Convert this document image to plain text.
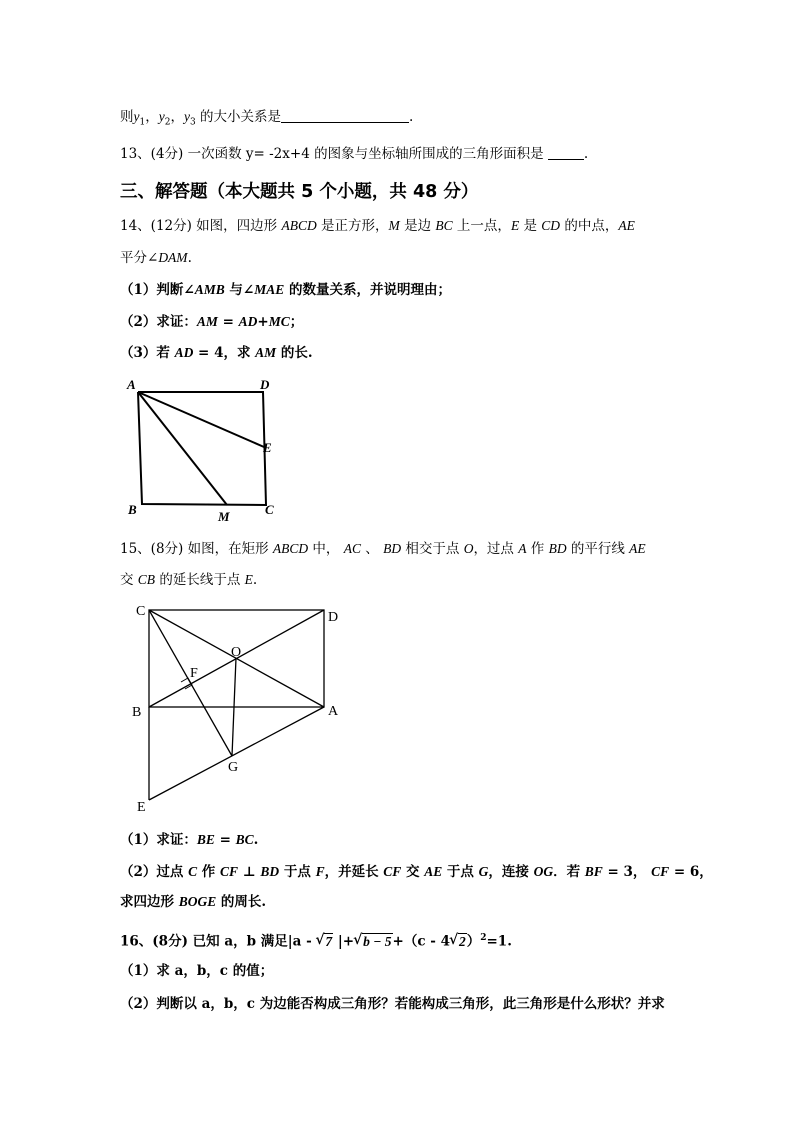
则$y_1$，$y_2$，$y_3$ 的大小关系是	.
13、(4分) 一次函数 y= -2x+4 的图象与坐标轴所围成的三角形面积是	.
三、解答题（本大题共 5 个小题，共 48 分）
14、(12分) 如图，四边形 ABCD 是正方形，M 是边 BC 上一点，E 是 CD 的中点，AE
平分∠DAM.
（1）判断∠AMB 与∠MAE 的数量关系，并说明理由；
（2）求证：AM = AD+MC；
（3）若 AD = 4，求 AM 的长.
A	D
E
B	M	C
15、(8分) 如图，在矩形 ABCD 中， AC 、 BD 相交于点 O，过点 A 作 BD 的平行线 AE
交 CB 的延长线于点 E.
C	D
O
F
B	A
G
E
（1）求证：BE = BC.
（2）过点 C 作 CF ⊥ BD 于点 F，并延长 CF 交 AE 于点 G，连接 OG．若 BF = 3， CF = 6，
求四边形 BOGE 的周长.
16、(8分) 已知 a，b 满足|a - √ 7 |+ √ b − 5+（c - 4 √ 2）$^2$=1.
（1）求 a，b，c 的值；
（2）判断以 a，b，c 为边能否构成三角形？若能构成三角形，此三角形是什么形状？并求
